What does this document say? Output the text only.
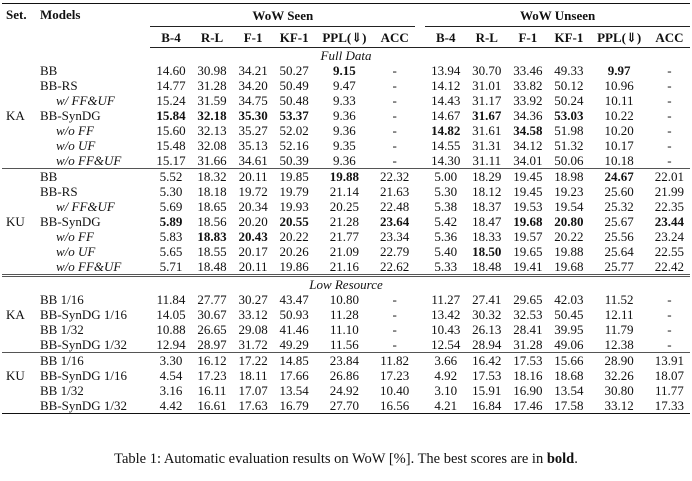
Set.	Models	WoW Seen							WoW Unseen					
		B-4	R-L	F-1	KF-1	PPL(⇓)	ACC		B-4	R-L	F-1	KF-1	PPL(⇓)	ACC
Full Data														
	BB	14.60	30.98	34.21	50.27	9.15	-		13.94	30.70	33.46	49.33	9.97	-
	BB-RS	14.77	31.28	34.20	50.49	9.47	-		14.12	31.01	33.82	50.12	10.96	-
	w/ FF&UF	15.24	31.59	34.75	50.48	9.33	-		14.43	31.17	33.92	50.24	10.11	-
KA	BB-SynDG	15.84	32.18	35.30	53.37	9.36	-		14.67	31.67	34.36	53.03	10.22	-
	w/o FF	15.60	32.13	35.27	52.02	9.36	-		14.82	31.61	34.58	51.98	10.20	-
	w/o UF	15.48	32.08	35.13	52.16	9.35	-		14.55	31.31	34.12	51.32	10.17	-
	w/o FF&UF	15.17	31.66	34.61	50.39	9.36	-		14.30	31.11	34.01	50.06	10.18	-
	BB	5.52	18.32	20.11	19.85	19.88	22.32		5.00	18.29	19.45	18.98	24.67	22.01
	BB-RS	5.30	18.18	19.72	19.79	21.14	21.63		5.30	18.12	19.45	19.23	25.60	21.99
	w/ FF&UF	5.69	18.65	20.34	19.93	20.25	22.48		5.38	18.37	19.53	19.54	25.32	22.35
KU	BB-SynDG	5.89	18.56	20.20	20.55	21.28	23.64		5.42	18.47	19.68	20.80	25.67	23.44
	w/o FF	5.83	18.83	20.43	20.22	21.77	23.34		5.36	18.33	19.57	20.22	25.56	23.24
	w/o UF	5.65	18.55	20.17	20.26	21.09	22.79		5.40	18.50	19.65	19.88	25.64	22.55
	w/o FF&UF	5.71	18.48	20.11	19.86	21.16	22.62		5.33	18.48	19.41	19.68	25.77	22.42
Low Resource														
	BB 1/16	11.84	27.77	30.27	43.47	10.80	-		11.27	27.41	29.65	42.03	11.52	-
KA	BB-SynDG 1/16	14.05	30.67	33.12	50.93	11.28	-		13.42	30.32	32.53	50.45	12.11	-
	BB 1/32	10.88	26.65	29.08	41.46	11.10	-		10.43	26.13	28.41	39.95	11.79	-
	BB-SynDG 1/32	12.94	28.97	31.72	49.29	11.56	-		12.54	28.94	31.28	49.06	12.38	-
	BB 1/16	3.30	16.12	17.22	14.85	23.84	11.82		3.66	16.42	17.53	15.66	28.90	13.91
KU	BB-SynDG 1/16	4.54	17.23	18.11	17.66	26.86	17.23		4.92	17.53	18.16	18.68	32.26	18.07
	BB 1/32	3.16	16.11	17.07	13.54	24.92	10.40		3.10	15.91	16.90	13.54	30.80	11.77
	BB-SynDG 1/32	4.42	16.61	17.63	16.79	27.70	16.56		4.21	16.84	17.46	17.58	33.12	17.33
Table 1: Automatic evaluation results on WoW [%]. The best scores are in bold.
